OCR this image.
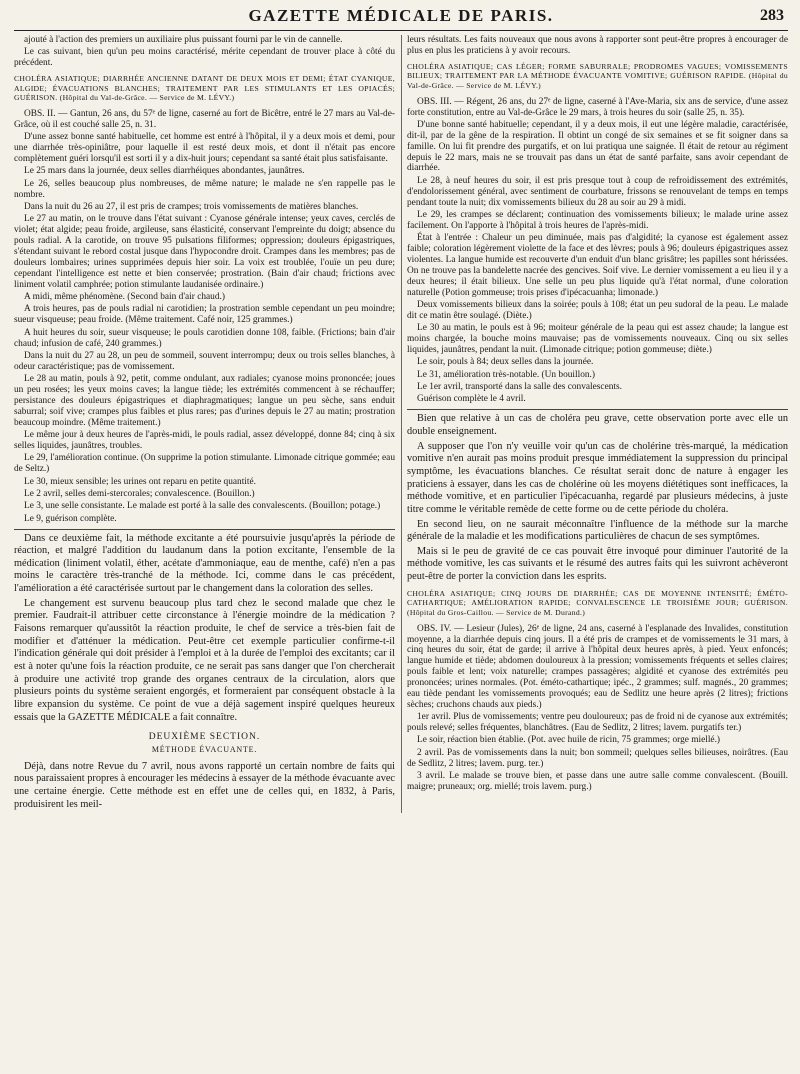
GAZETTE MÉDICALE DE PARIS.	283

ajouté à l'action des premiers un auxiliaire plus puissant fourni par le vin de cannelle.

Le cas suivant, bien qu'un peu moins caractérisé, mérite cependant de trouver place à côté du précédent.

CHOLÉRA ASIATIQUE; DIARRHÉE ANCIENNE DATANT DE DEUX MOIS ET DEMI; ÉTAT CYANIQUE, ALGIDE; ÉVACUATIONS BLANCHES; TRAITEMENT PAR LES STIMULANTS ET LES OPIACÉS; GUÉRISON. (Hôpital du Val-de-Grâce. — Service de M. LÉVY.)

OBS. II. — Gantun, 26 ans, du 57ᵉ de ligne, caserné au fort de Bicêtre, entré le 27 mars au Val-de-Grâce, où il est couché salle 25, n. 31.

D'une assez bonne santé habituelle, cet homme est entré à l'hôpital, il y a deux mois et demi, pour une diarrhée très-opiniâtre, pour laquelle il est resté deux mois, et dont il n'était pas encore complètement guéri lorsqu'il est sorti il y a dix-huit jours; cependant sa santé était plus satisfaisante.

Le 25 mars dans la journée, deux selles diarrhéiques abondantes, jaunâtres.

Le 26, selles beaucoup plus nombreuses, de même nature; le malade ne s'en rappelle pas le nombre.

Dans la nuit du 26 au 27, il est pris de crampes; trois vomissements de matières blanches.

Le 27 au matin, on le trouve dans l'état suivant : Cyanose générale intense; yeux caves, cerclés de violet; état algide; peau froide, argileuse, sans élasticité, conservant l'empreinte du doigt; absence du pouls radial. A la carotide, on trouve 95 pulsations filiformes; oppression; douleurs épigastriques, s'étendant suivant le rebord costal jusque dans l'hypocondre droit. Crampes dans les membres; pas de douleurs lombaires; urines supprimées depuis hier soir. La voix est troublée, l'ouïe un peu dure; cependant l'intelligence est nette et bien conservée; prostration. (Bain d'air chaud; frictions avec liniment volatil camphrée; potion stimulante laudanisée ordinaire.)

A midi, même phénomène. (Second bain d'air chaud.)

A trois heures, pas de pouls radial ni carotidien; la prostration semble cependant un peu moindre; sueur visqueuse; peau froide. (Même traitement. Café noir, 125 grammes.)

A huit heures du soir, sueur visqueuse; le pouls carotidien donne 108, faible. (Frictions; bain d'air chaud; infusion de café, 240 grammes.)

Dans la nuit du 27 au 28, un peu de sommeil, souvent interrompu; deux ou trois selles blanches, à odeur caractéristique; pas de vomissement.

Le 28 au matin, pouls à 92, petit, comme ondulant, aux radiales; cyanose moins prononcée; joues un peu rosées; les yeux moins caves; la langue tiède; les extrémités commencent à se réchauffer; persistance des douleurs épigastriques et diaphragmatiques; langue un peu sèche, sans enduit saburral; soif vive; crampes plus faibles et plus rares; pas d'urines depuis le 27 au matin; prostration beaucoup moindre. (Même traitement.)

Le même jour à deux heures de l'après-midi, le pouls radial, assez développé, donne 84; cinq à six selles liquides, jaunâtres, troubles.

Le 29, l'amélioration continue. (On supprime la potion stimulante. Limonade citrique gommée; eau de Seltz.)

Le 30, mieux sensible; les urines ont reparu en petite quantité.

Le 2 avril, selles demi-stercorales; convalescence. (Bouillon.)

Le 3, une selle consistante. Le malade est porté à la salle des convalescents. (Bouillon; potage.)

Le 9, guérison complète.

Dans ce deuxième fait, la méthode excitante a été poursuivie jusqu'après la période de réaction, et malgré l'addition du laudanum dans la potion excitante, l'ensemble de la médication (liniment volatil, éther, acétate d'ammoniaque, eau de menthe, café) n'en a pas moins le caractère très-tranché de la méthode. Ici, comme dans le cas précédent, l'amélioration a été caractérisée surtout par le changement dans la coloration des selles.

Le changement est survenu beaucoup plus tard chez le second malade que chez le premier. Faudrait-il attribuer cette circonstance à l'énergie moindre de la médication ? Faisons remarquer qu'aussitôt la réaction produite, le chef de service a très-bien fait de modifier et d'atténuer la médication. Peut-être cet exemple particulier confirme-t-il l'indication générale qui doit présider à l'emploi et à la durée de l'emploi des excitants; car il est à noter qu'une fois la réaction produite, ce ne serait pas sans danger que l'on chercherait à produire une activité trop grande des organes centraux de la circulation, alors que plusieurs points du système seraient engorgés, et formeraient par conséquent obstacle à la libre expansion du système. Ce point de vue a déjà sagement inspiré quelques heureux essais que la GAZETTE MÉDICALE a fait connaître.

DEUXIÈME SECTION.
MÉTHODE ÉVACUANTE.

Déjà, dans notre Revue du 7 avril, nous avons rapporté un certain nombre de faits qui nous paraissaient propres à encourager les médecins à essayer de la méthode évacuante avec une certaine énergie. Cette méthode est en effet une de celles qui, en 1832, à Paris, produisirent les meil-

leurs résultats. Les faits nouveaux que nous avons à rapporter sont peut-être propres à encourager de plus en plus les praticiens à y avoir recours.

CHOLÉRA ASIATIQUE; CAS LÉGER; FORME SABURRALE; PRODROMES VAGUES; VOMISSEMENTS BILIEUX; TRAITEMENT PAR LA MÉTHODE ÉVACUANTE VOMITIVE; GUÉRISON RAPIDE. (Hôpital du Val-de-Grâce. — Service de M. LÉVY.)

OBS. III. — Régent, 26 ans, du 27ᵉ de ligne, caserné à l'Ave-Maria, six ans de service, d'une assez forte constitution, entre au Val-de-Grâce le 29 mars, à trois heures du soir (salle 25, n. 35).

D'une bonne santé habituelle; cependant, il y a deux mois, il eut une légère maladie, caractérisée, dit-il, par de la gêne de la respiration. Il obtint un congé de six semaines et se fit soigner dans sa famille. On lui fit prendre des purgatifs, et on lui pratiqua une saignée. Il était de retour au régiment depuis le 22 mars, mais ne se trouvait pas dans un état de santé parfaite, sans avoir cependant de diarrhée.

Le 28, à neuf heures du soir, il est pris presque tout à coup de refroidissement des extrémités, d'endolorissement général, avec sentiment de courbature, frissons se renouvelant de temps en temps pendant toute la nuit; dix vomissements bilieux du 28 au soir au 29 à midi.

Le 29, les crampes se déclarent; continuation des vomissements bilieux; le malade urine assez facilement. On l'apporte à l'hôpital à trois heures de l'après-midi.

État à l'entrée : Chaleur un peu diminuée, mais pas d'algidité; la cyanose est également assez faible; coloration légèrement violette de la face et des lèvres; pouls à 96; douleurs épigastriques assez violentes. La langue humide est recouverte d'un enduit d'un blanc grisâtre; les papilles sont hérissées. On ne trouve pas la bandelette nacrée des gencives. Soif vive. Le dernier vomissement a eu lieu il y a deux heures; il était bilieux. Une selle un peu plus liquide qu'à l'état normal, d'une coloration naturelle (Potion gommeuse; trois prises d'ipécacuanha; limonade.)

Deux vomissements bilieux dans la soirée; pouls à 108; état un peu sudoral de la peau. Le malade dit ce matin être soulagé. (Diète.)

Le 30 au matin, le pouls est à 96; moiteur générale de la peau qui est assez chaude; la langue est moins chargée, la bouche moins mauvaise; pas de vomissements nouveaux. Cinq ou six selles liquides, jaunâtres, pendant la nuit. (Limonade citrique; potion gommeuse; diète.)

Le soir, pouls à 84; deux selles dans la journée.

Le 31, amélioration très-notable. (Un bouillon.)

Le 1er avril, transporté dans la salle des convalescents.

Guérison complète le 4 avril.

Bien que relative à un cas de choléra peu grave, cette observation porte avec elle un double enseignement.

A supposer que l'on n'y veuille voir qu'un cas de cholérine très-marqué, la médication vomitive n'en aurait pas moins produit presque immédiatement la suppression du principal symptôme, les évacuations blanches. Ce résultat serait donc de nature à engager les praticiens à essayer, dans les cas de cholérine où les moyens diététiques sont inefficaces, la méthode vomitive, et en particulier l'ipécacuanha, regardé par plusieurs médecins, à juste titre comme le véritable remède de cette forme ou de cette période du choléra.

En second lieu, on ne saurait méconnaître l'influence de la méthode sur la marche générale de la maladie et les modifications particulières de chacun de ses symptômes.

Mais si le peu de gravité de ce cas pouvait être invoqué pour diminuer l'autorité de la méthode vomitive, les cas suivants et le résumé des autres faits qui les suivront achèveront peut-être de porter la conviction dans les esprits.

CHOLÉRA ASIATIQUE; CINQ JOURS DE DIARRHÉE; CAS DE MOYENNE INTENSITÉ; ÉMÉTO-CATHARTIQUE; AMÉLIORATION RAPIDE; CONVALESCENCE LE TROISIÈME JOUR; GUÉRISON. (Hôpital du Gros-Caillou. — Service de M. Durand.)

OBS. IV. — Lesieur (Jules), 26ᵉ de ligne, 24 ans, caserné à l'esplanade des Invalides, constitution moyenne, a la diarrhée depuis cinq jours. Il a été pris de crampes et de vomissements le 31 mars, à cinq heures du soir, état de garde; il arrive à l'hôpital deux heures après, à pied. Yeux enfoncés; langue humide et tiède; abdomen douloureux à la pression; vomissements fréquents et selles claires; pouls faible et lent; voix naturelle; crampes passagères; algidité et cyanose des extrémités peu prononcées; urines normales. (Pot. éméto-cathartique; ipéc., 2 grammes; sulf. magnés., 20 grammes; eau tiède pendant les vomissements provoqués; eau de Sedlitz une heure après (2 litres); frictions sèches; cruchons chauds aux pieds.)

1er avril. Plus de vomissements; ventre peu douloureux; pas de froid ni de cyanose aux extrémités; pouls relevé; selles fréquentes, blanchâtres. (Eau de Sedlitz, 2 litres; lavem. purgatifs ter.)

Le soir, réaction bien établie. (Pot. avec huile de ricin, 75 grammes; orge miellé.)

2 avril. Pas de vomissements dans la nuit; bon sommeil; quelques selles bilieuses, noirâtres. (Eau de Sedlitz, 2 litres; lavem. purg. ter.)

3 avril. Le malade se trouve bien, et passe dans une autre salle comme convalescent. (Bouill. maigre; pruneaux; org. miellé; trois lavem. purg.)
